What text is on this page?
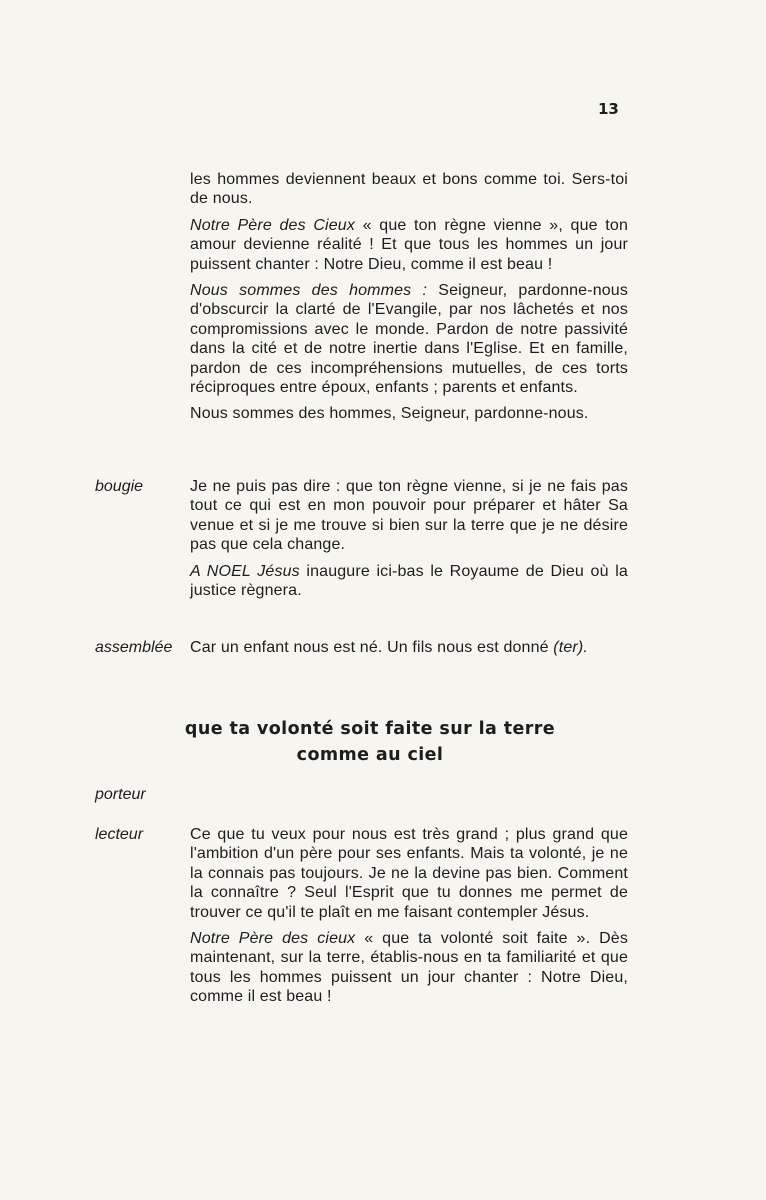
13

les hommes deviennent beaux et bons comme toi. Sers-toi de nous.

Notre Père des Cieux « que ton règne vienne », que ton amour devienne réalité ! Et que tous les hommes un jour puissent chanter : Notre Dieu, comme il est beau !

Nous sommes des hommes : Seigneur, pardonne-nous d'obscurcir la clarté de l'Evangile, par nos lâchetés et nos compromissions avec le monde. Pardon de notre passivité dans la cité et de notre inertie dans l'Eglise. Et en famille, pardon de ces incompréhensions mutuelles, de ces torts réciproques entre époux, enfants ; parents et enfants.

Nous sommes des hommes, Seigneur, pardonne-nous.

bougie	Je ne puis pas dire : que ton règne vienne, si je ne fais pas tout ce qui est en mon pouvoir pour préparer et hâter Sa venue et si je me trouve si bien sur la terre que je ne désire pas que cela change.

A NOEL Jésus inaugure ici-bas le Royaume de Dieu où la justice règnera.

assemblée Car un enfant nous est né. Un fils nous est donné (ter).

que ta volonté soit faite sur la terre
comme au ciel
porteur
lecteur	Ce que tu veux pour nous est très grand ; plus grand que l'ambition d'un père pour ses enfants. Mais ta volonté, je ne la connais pas toujours. Je ne la devine pas bien. Comment la connaître ? Seul l'Esprit que tu donnes me permet de trouver ce qu'il te plaît en me faisant contempler Jésus.

Notre Père des cieux « que ta volonté soit faite ». Dès maintenant, sur la terre, établis-nous en ta familiarité et que tous les hommes puissent un jour chanter : Notre Dieu, comme il est beau !
